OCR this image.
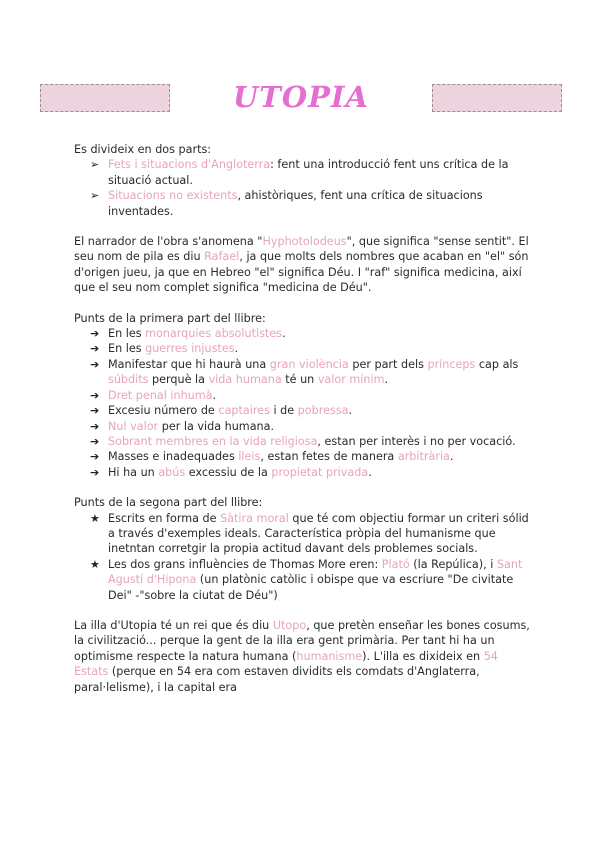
UTOPIA

Es divideix en dos parts:

➢ Fets i situacions d'Angloterra: fent una introducció fent uns crítica de la situació actual.
➢ Situacions no existents, ahistòriques, fent una crítica de situacions inventades.

El narrador de l'obra s'anomena "Hyphotolodeus", que significa "sense sentit". El seu nom de pila es diu Rafael, ja que molts dels nombres que acaban en "el" són d'origen jueu, ja que en Hebreo "el" significa Déu. I "raf" significa medicina, així que el seu nom complet significa "medicina de Déu".

Punts de la primera part del llibre:

➔ En les monarquies absolutistes.
➔ En les guerres injustes.
➔ Manifestar que hi haurà una gran violència per part dels prínceps cap als súbdits perquè la vida humana té un valor mínim.
➔ Dret penal inhumà.
➔ Excesiu número de captaires i de pobressa.
➔ Nul valor per la vida humana.
➔ Sobrant membres en la vida religiosa, estan per interès i no per vocació.
➔ Masses e inadequades lleis, estan fetes de manera arbitrària.
➔ Hi ha un abús excessiu de la propietat privada.

Punts de la segona part del llibre:

★ Escrits en forma de Sàtira moral que té com objectiu formar un criteri sólid a través d'exemples ideals. Característica pròpia del humanisme que inetntan corretgir la propia actitud davant dels problemes socials.
★ Les dos grans influències de Thomas More eren: Plató (la Repúlica), i Sant Agustí d'Hipona (un platònic catòlic i obispe que va escriure "De civitate Dei" -"sobre la ciutat de Déu")

La illa d'Utopia té un rei que és diu Utopo, que pretèn enseñar les bones cosums, la civilització... perque la gent de la illa era gent primària. Per tant hi ha un optimisme respecte la natura humana (humanisme). L'illa es dixideix en 54 Estats (perque en 54 era com estaven dividits els comdats d'Anglaterra, paral·lelisme), i la capital era
